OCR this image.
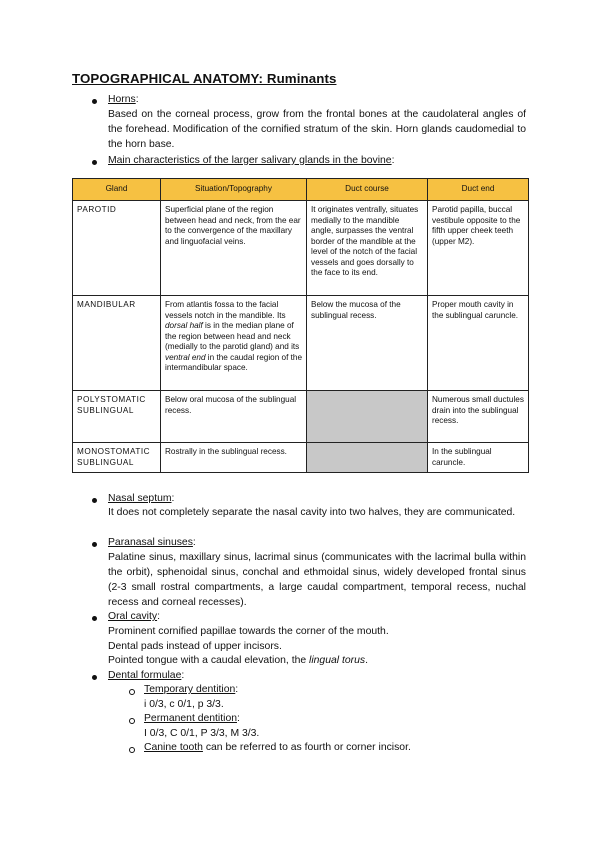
TOPOGRAPHICAL ANATOMY: Ruminants
Horns:

Based on the corneal process, grow from the frontal bones at the caudolateral angles of the forehead. Modification of the cornified stratum of the skin. Horn glands caudomedial to the horn base.

Main characteristics of the larger salivary glands in the bovine:
Gland	Situation/Topography	Duct course	Duct end
PAROTID	Superficial plane of the region between head and neck, from the ear to the convergence of the maxillary and linguofacial veins.	It originates ventrally, situates medially to the mandible angle, surpasses the ventral border of the mandible at the level of the notch of the facial vessels and goes dorsally to the face to its end.	Parotid papilla, buccal vestibule opposite to the fifth upper cheek teeth (upper M2).
MANDIBULAR	From atlantis fossa to the facial vessels notch in the mandible. Its dorsal half is in the median plane of the region between head and neck (medially to the parotid gland) and its ventral end in the caudal region of the intermandibular space.	Below the mucosa of the sublingual recess.	Proper mouth cavity in the sublingual caruncle.
POLYSTOMATIC SUBLINGUAL	Below oral mucosa of the sublingual recess.		Numerous small ductules drain into the sublingual recess.
MONOSTOMATIC SUBLINGUAL	Rostrally in the sublingual recess.		In the sublingual caruncle.
Nasal septum:

It does not completely separate the nasal cavity into two halves, they are communicated.

Paranasal sinuses:

Palatine sinus, maxillary sinus, lacrimal sinus (communicates with the lacrimal bulla within the orbit), sphenoidal sinus, conchal and ethmoidal sinus, widely developed frontal sinus (2-3 small rostral compartments, a large caudal compartment, temporal recess, nuchal recess and corneal recesses).

Oral cavity:
Prominent cornified papillae towards the corner of the mouth.
Dental pads instead of upper incisors.
Pointed tongue with a caudal elevation, the lingual torus.
Dental formulae:
Temporary dentition:
i 0/3, c 0/1, p 3/3.
Permanent dentition:
I 0/3, C 0/1, P 3/3, M 3/3.
Canine tooth can be referred to as fourth or corner incisor.
